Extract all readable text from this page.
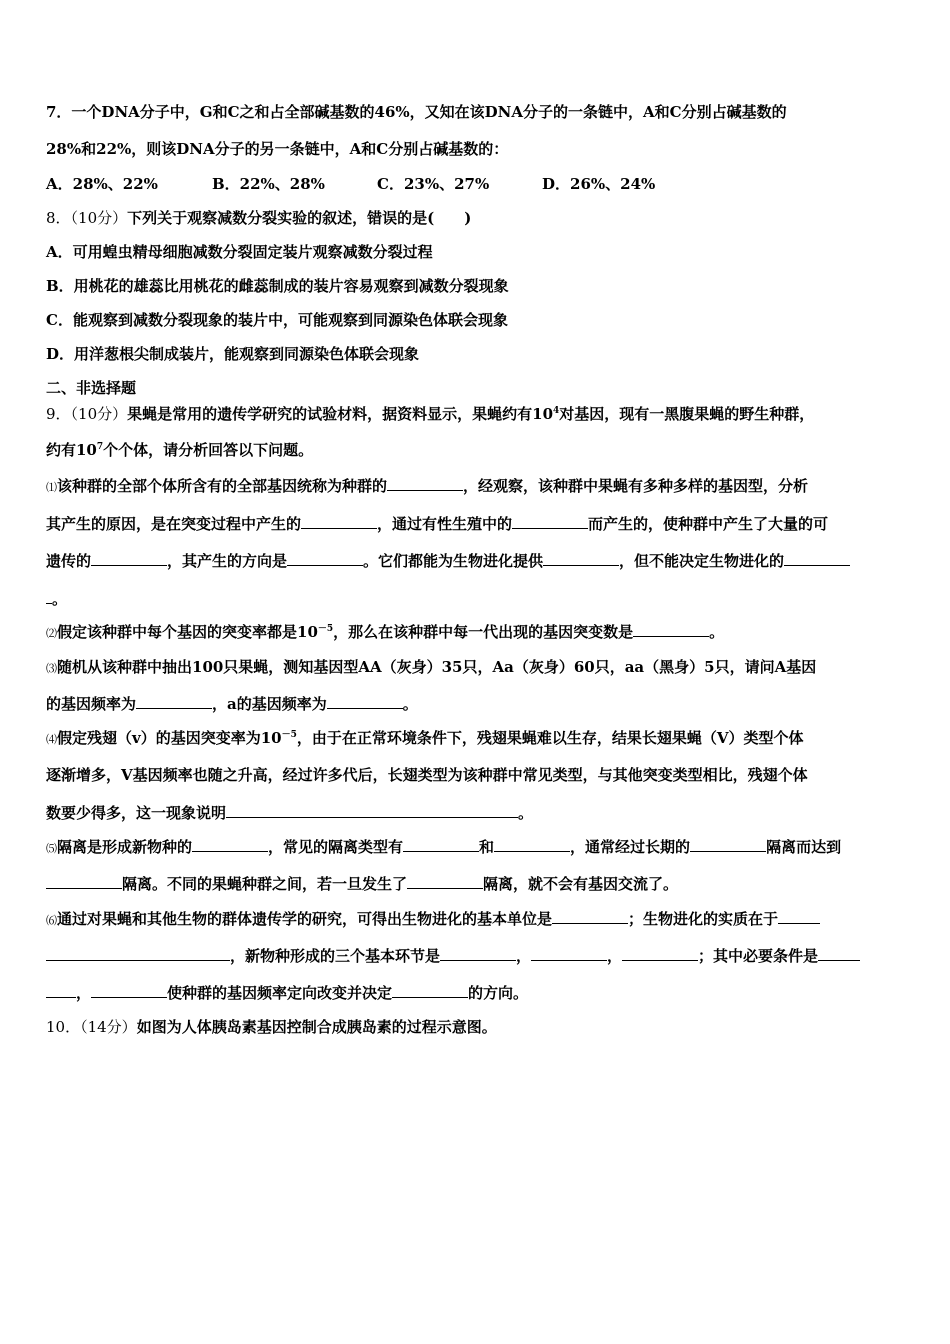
7．一个DNA分子中，G和C之和占全部碱基数的46%，又知在该DNA分子的一条链中，A和C分别占碱基数的
28%和22%，则该DNA分子的另一条链中，A和C分别占碱基数的：
A．28%、22%	B．22%、28%	C．23%、27%	D．26%、24%
8．（10分）下列关于观察减数分裂实验的叙述，错误的是(　　)
A．可用蝗虫精母细胞减数分裂固定装片观察减数分裂过程
B．用桃花的雄蕊比用桃花的雌蕊制成的装片容易观察到减数分裂现象
C．能观察到减数分裂现象的装片中，可能观察到同源染色体联会现象
D．用洋葱根尖制成装片，能观察到同源染色体联会现象
二、非选择题
9．（10分）果蝇是常用的遗传学研究的试验材料，据资料显示，果蝇约有$10^4$对基因，现有一黑腹果蝇的野生种群，
约有$10^7$个个体，请分析回答以下问题。
⑴该种群的全部个体所含有的全部基因统称为种群的	，经观察，该种群中果蝇有多种多样的基因型，分析
其产生的原因，是在突变过程中产生的	，通过有性生殖中的	而产生的，使种群中产生了大量的可
遗传的	，其产生的方向是	。它们都能为生物进化提供	，但不能决定生物进化的
。
⑵假定该种群中每个基因的突变率都是$10^{-5}$，那么在该种群中每一代出现的基因突变数是	。
⑶随机从该种群中抽出100只果蝇，测知基因型AA（灰身）35只，Aa（灰身）60只，aa（黑身）5只，请问A基因
的基因频率为	，a的基因频率为	。
⑷假定残翅（v）的基因突变率为$10^{-5}$，由于在正常环境条件下，残翅果蝇难以生存，结果长翅果蝇（V）类型个体
逐渐增多，V基因频率也随之升高，经过许多代后，长翅类型为该种群中常见类型，与其他突变类型相比，残翅个体
数要少得多，这一现象说明	。
⑸隔离是形成新物种的	，常见的隔离类型有	和	，通常经过长期的	隔离而达到
隔离。不同的果蝇种群之间，若一旦发生了	隔离，就不会有基因交流了。
⑹通过对果蝇和其他生物的群体遗传学的研究，可得出生物进化的基本单位是	；生物进化的实质在于
，新物种形成的三个基本环节是	，	，	；其中必要条件是
，	使种群的基因频率定向改变并决定	的方向。
10．（14分）如图为人体胰岛素基因控制合成胰岛素的过程示意图。
